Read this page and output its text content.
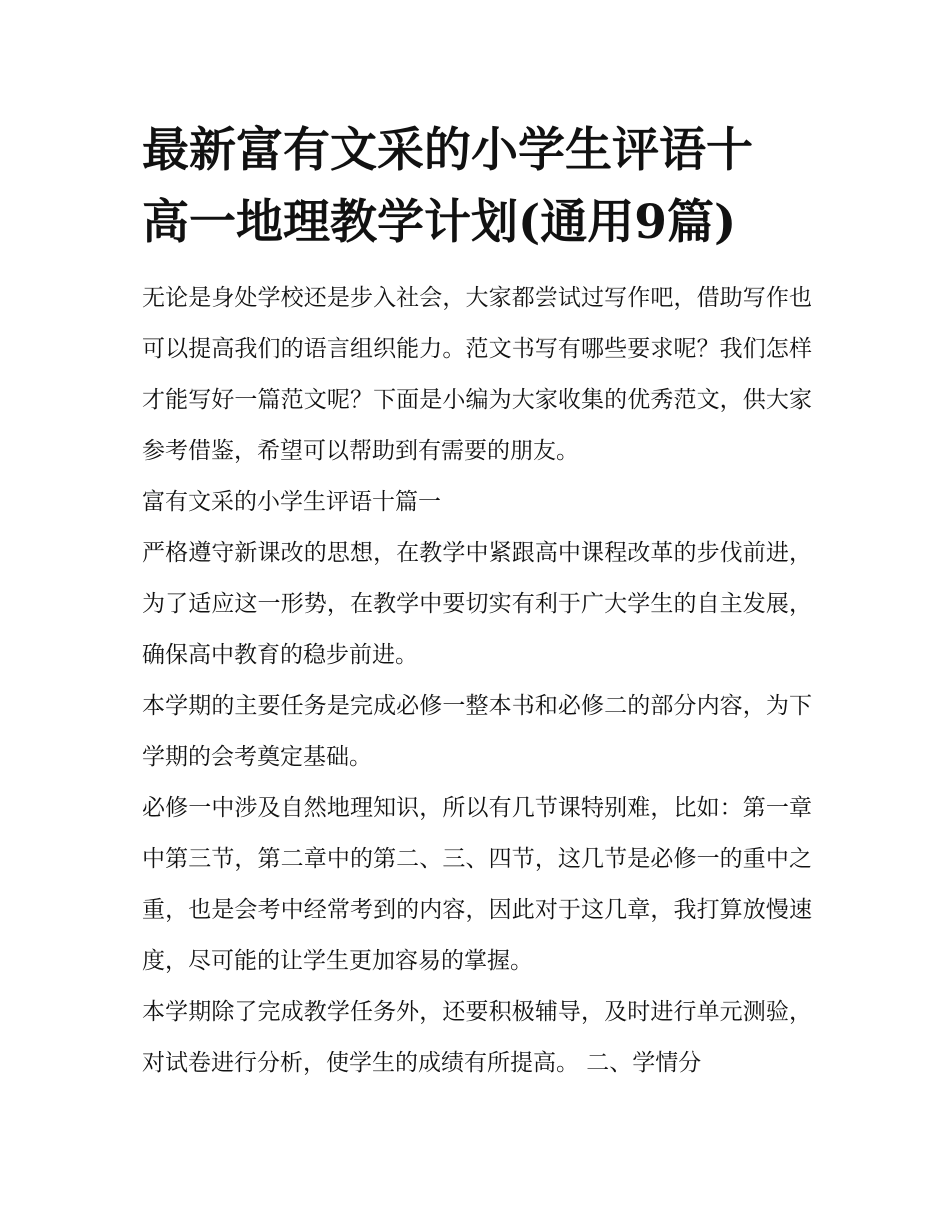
最新富有文采的小学生评语十
高一地理教学计划(通用9篇)

无论是身处学校还是步入社会，大家都尝试过写作吧，借助写作也可以提高我们的语言组织能力。范文书写有哪些要求呢？我们怎样才能写好一篇范文呢？下面是小编为大家收集的优秀范文，供大家参考借鉴，希望可以帮助到有需要的朋友。

富有文采的小学生评语十篇一

严格遵守新课改的思想，在教学中紧跟高中课程改革的步伐前进，为了适应这一形势，在教学中要切实有利于广大学生的自主发展，确保高中教育的稳步前进。

本学期的主要任务是完成必修一整本书和必修二的部分内容，为下学期的会考奠定基础。

必修一中涉及自然地理知识，所以有几节课特别难，比如：第一章中第三节，第二章中的第二、三、四节，这几节是必修一的重中之重，也是会考中经常考到的内容，因此对于这几章，我打算放慢速度，尽可能的让学生更加容易的掌握。

本学期除了完成教学任务外，还要积极辅导，及时进行单元测验，对试卷进行分析，使学生的成绩有所提高。 二、学情分
